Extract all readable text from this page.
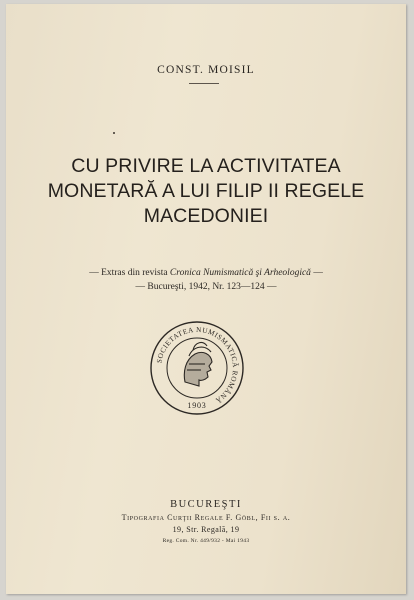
CONST. MOISIL
CU PRIVIRE LA ACTIVITATEA
MONETARĂ A LUI FILIP II REGELE
MACEDONIEI
— Extras din revista Cronica Numismatică şi Arheologică —
— Bucureşti, 1942, Nr. 123—124 —
SOCIETATEA NUMISMATICĂ ROMÂNĂ
1903
BUCUREŞTI
Tipografia Curţii Regale F. Göbl, Fii s. a.
19, Str. Regală, 19
Reg. Com. Nr. 449/932 - Mai 1943
